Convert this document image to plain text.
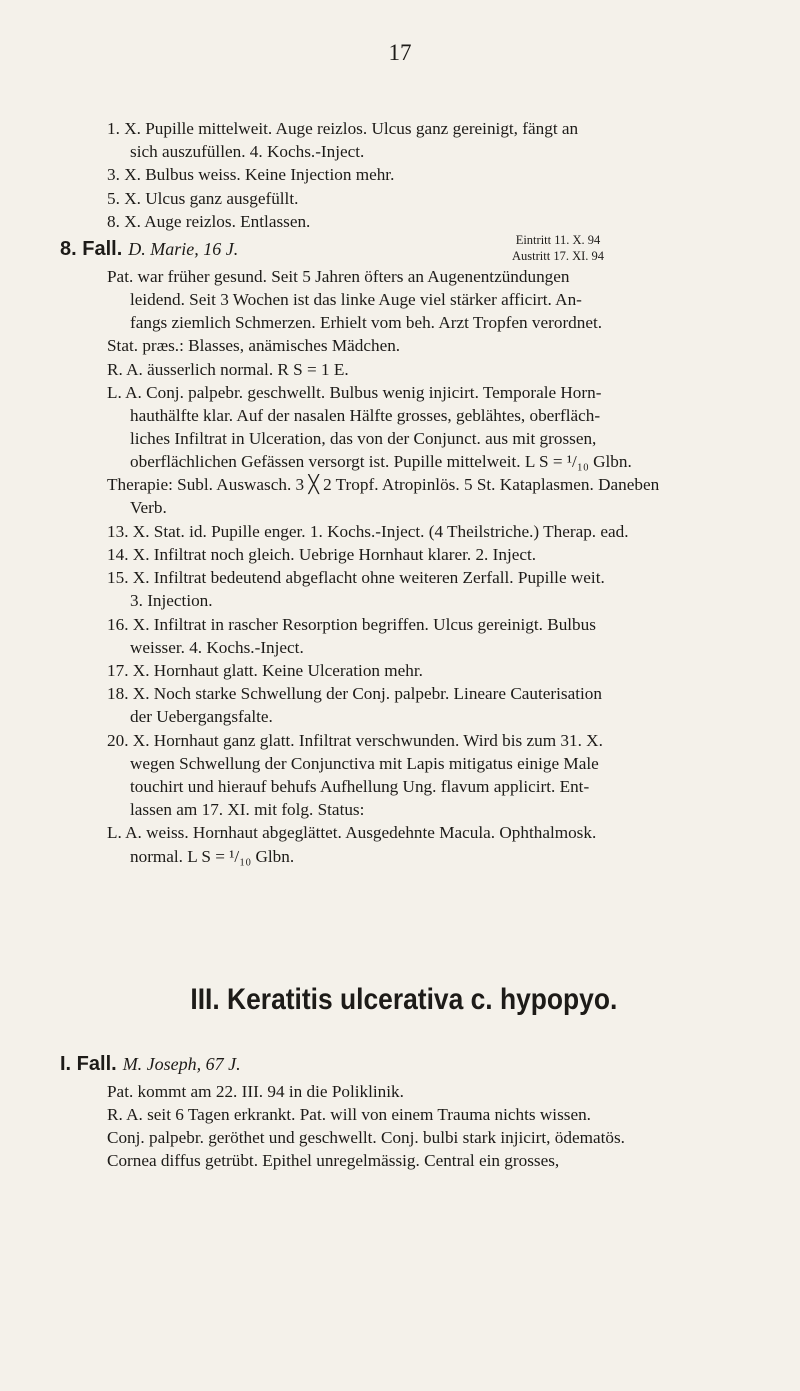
17
1. X. Pupille mittelweit. Auge reizlos. Ulcus ganz gereinigt, fängt an
sich auszufüllen. 4. Kochs.-Inject.
3. X. Bulbus weiss. Keine Injection mehr.
5. X. Ulcus ganz ausgefüllt.
8. X. Auge reizlos. Entlassen.
8. Fall. D. Marie, 16 J.	Eintritt 11. X. 94
Austritt 17. XI. 94
Pat. war früher gesund. Seit 5 Jahren öfters an Augenentzündungen
leidend. Seit 3 Wochen ist das linke Auge viel stärker afficirt. An-
fangs ziemlich Schmerzen. Erhielt vom beh. Arzt Tropfen verordnet.
Stat. præs.: Blasses, anämisches Mädchen.
R. A. äusserlich normal. R S = 1 E.
L. A. Conj. palpebr. geschwellt. Bulbus wenig injicirt. Temporale Horn-
hauthälfte klar. Auf der nasalen Hälfte grosses, geblähtes, oberfläch-
liches Infiltrat in Ulceration, das von der Conjunct. aus mit grossen,
oberflächlichen Gefässen versorgt ist. Pupille mittelweit. L S = ¹/₁₀ Glbn.
Therapie: Subl. Auswasch. 3 ╳ 2 Tropf. Atropinlös. 5 St. Kataplasmen. Daneben
Verb.
13. X. Stat. id. Pupille enger. 1. Kochs.-Inject. (4 Theilstriche.) Therap. ead.
14. X. Infiltrat noch gleich. Uebrige Hornhaut klarer. 2. Inject.
15. X. Infiltrat bedeutend abgeflacht ohne weiteren Zerfall. Pupille weit.
3. Injection.
16. X. Infiltrat in rascher Resorption begriffen. Ulcus gereinigt. Bulbus
weisser. 4. Kochs.-Inject.
17. X. Hornhaut glatt. Keine Ulceration mehr.
18. X. Noch starke Schwellung der Conj. palpebr. Lineare Cauterisation
der Uebergangsfalte.
20. X. Hornhaut ganz glatt. Infiltrat verschwunden. Wird bis zum 31. X.
wegen Schwellung der Conjunctiva mit Lapis mitigatus einige Male
touchirt und hierauf behufs Aufhellung Ung. flavum applicirt. Ent-
lassen am 17. XI. mit folg. Status:
L. A. weiss. Hornhaut abgeglättet. Ausgedehnte Macula. Ophthalmosk.
normal. L S = ¹/₁₀ Glbn.
III. Keratitis ulcerativa c. hypopyo.
I. Fall. M. Joseph, 67 J.
Pat. kommt am 22. III. 94 in die Poliklinik.
R. A. seit 6 Tagen erkrankt. Pat. will von einem Trauma nichts wissen.
Conj. palpebr. geröthet und geschwellt. Conj. bulbi stark injicirt, ödematös.
Cornea diffus getrübt. Epithel unregelmässig. Central ein grosses,
